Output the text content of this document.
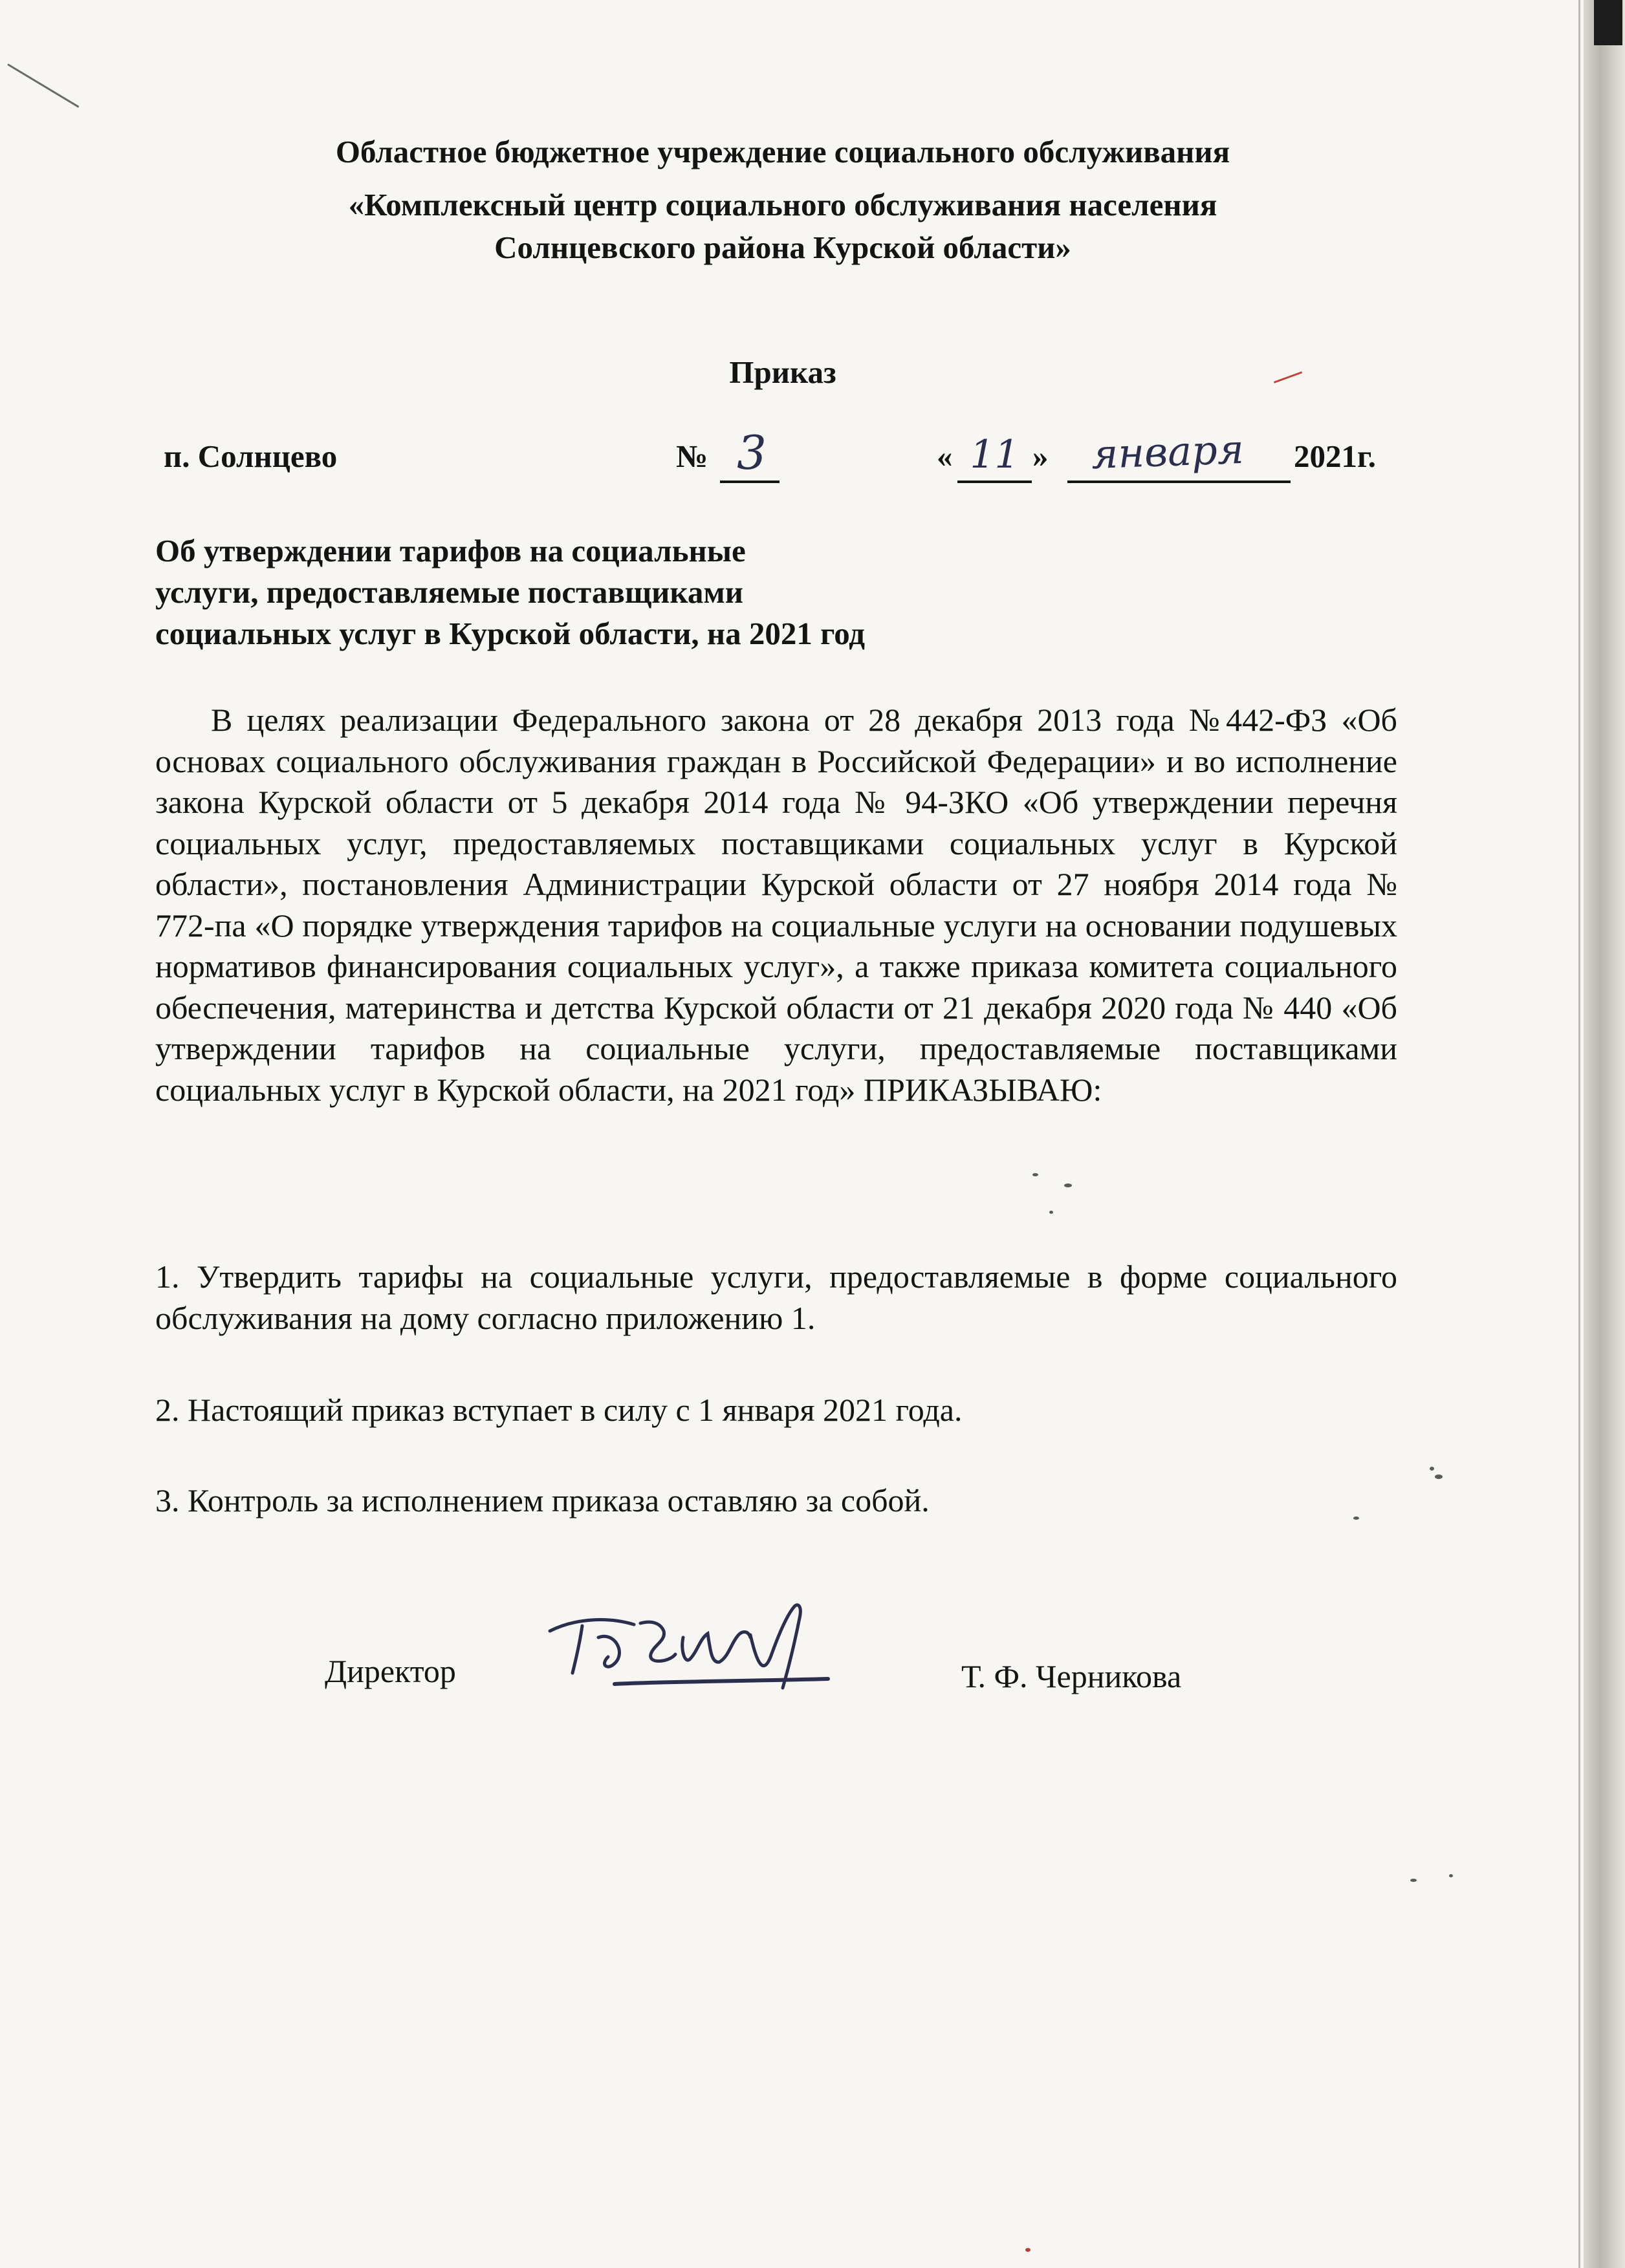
Областное бюджетное учреждение социального обслуживания
«Комплексный центр социального обслуживания населения
Солнцевского района Курской области»
Приказ
п. Солнцево	№ 3	« 11 »	января	2021г.
Об утверждении тарифов на социальные
услуги, предоставляемые поставщиками
социальных услуг в Курской области, на 2021 год
В целях реализации Федерального закона от 28 декабря 2013 года №442-ФЗ «Об основах социального обслуживания граждан в Российской Федерации» и во исполнение закона Курской области от 5 декабря 2014 года № 94-ЗКО «Об утверждении перечня социальных услуг, предоставляемых поставщиками социальных услуг в Курской области», постановления Администрации Курской области от 27 ноября 2014 года № 772-па «О порядке утверждения тарифов на социальные услуги на основании подушевых нормативов финансирования социальных услуг», а также приказа комитета социального обеспечения, материнства и детства Курской области от 21 декабря 2020 года № 440 «Об утверждении тарифов на социальные услуги, предоставляемые поставщиками социальных услуг в Курской области, на 2021 год» ПРИКАЗЫВАЮ:
1. Утвердить тарифы на социальные услуги, предоставляемые в форме социального обслуживания на дому согласно приложению 1.
2. Настоящий приказ вступает в силу с 1 января 2021 года.
3. Контроль за исполнением приказа оставляю за собой.
Директор	Т. Ф. Черникова
